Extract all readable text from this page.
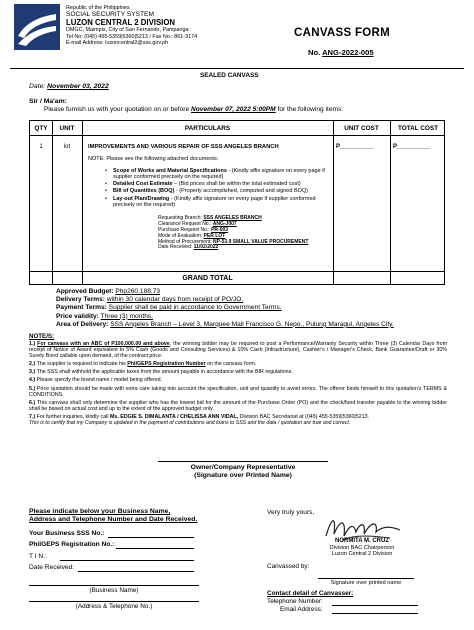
Republic of the Philippines
SOCIAL SECURITY SYSTEM
LUZON CENTRAL 2 DIVISION
DMGC, Maimpis, City of San Fernando, Pampanga
Tel No: (045) 455-5359|5360|5213 / Fax No.: 861-3174
E-mail Address: luzoncentral2@sss.gov.ph
CANVASS FORM
No. ANG-2022-005
SEALED CANVASS
Date: November 03, 2022
Sir / Ma'am:
Please furnish us with your quotation on or before November 07, 2022 5:00PM for the following items:
QTY	UNIT	PARTICULARS	UNIT COST	TOTAL COST
1	lot	IMPROVEMENTS AND VARIOUS REPAIR OF SSS ANGELES BRANCH
NOTE: Please see the following attached documents:
• Scope of Works and Material Specifications - (Kindly affix signature on every page if supplier conformed precisely on the required)
• Detailed Cost Estimate – (Bid prices shall be within the total estimated cost)
• Bill of Quantities (BOQ) - (Properly accomplished, computed and signed BOQ)
• Lay-out Plan/Drawing - (Kindly affix signature on every page if supplier conformed precisely on the required)
Requesting Branch: SSS ANGELES BRANCH
Clearance Request No.: ANG-J007
Purchase Request No.: PR-003
Mode of Evaluation: PER LOT
Method of Procurement: NP-53.9 SMALL VALUE PROCUREMENT
Date Received: 11/02/2022
P__________	P__________
GRAND TOTAL
Approved Budget: Php260,188.73
Delivery Terms: within 30 calendar days from receipt of PO/JO.
Payment Terms: Supplier shall be paid in accordance to Government Terms.
Price validity: Three (3) months.
Area of Delivery: SSS Angeles Branch – Level 3, Marquee Mall Francisco G. Nepo., Pulung Maragul, Angeles City.
NOTE/S:
1.) For canvass with an ABC of P100,000.00 and above, the winning bidder may be required to post a Performance/Warranty Security within Three (3) Calendar Days from receipt of Notice of Award equivalent to 5% Cash (Goods and Consulting Services) & 10% Cash (Infrastructure), Cashier's / Manager's Check, Bank Guarantee/Draft or 30% Surety Bond callable upon demand, of the contract price.
2.) The supplier is required to indicate his PhilGEPS Registration Number on the canvass form.
3.) The SSS shall withhold the applicable taxes from the amount payable in accordance with the BIR regulations.
4.) Please specify the brand name / model being offered.
5.) Price quotation should be made with extra care taking into account the specification, unit and quantity to avoid errors. The offeror binds himself to this quotation's TERMS & CONDITIONS.
6.) This canvass shall only determine the supplier who has the lowest bid for the amount of the Purchase Order (PO) and the check/fund transfer payable to the winning bidder shall be based on actual cost and up to the extent of the approved budget only.
7.) For further inquiries, kindly call Ms. EDGIE S. DIMALANTA / CHELISSA ANN VIDAL, Division BAC Secretariat at (045) 455-5359|5360|5213.
This is to certify that my Company is updated in the payment of contributions and loans to SSS and the data / quotation are true and correct.
Owner/Company Representative
(Signature over Printed Name)
Please indicate below your Business Name,
Address and Telephone Number and Date Received.
Your Business SSS No.:
PhilGEPS Registration No.:
T I N.:
Date Received:
(Business Name)
(Address & Telephone No.)
Very truly yours,
NORMITA M. CRUZ
Division BAC Chairperson
Luzon Central 2 Division
Canvassed by:
Signature over printed name
Contact detail of Canvasser:
Telephone Number:
Email Address:
